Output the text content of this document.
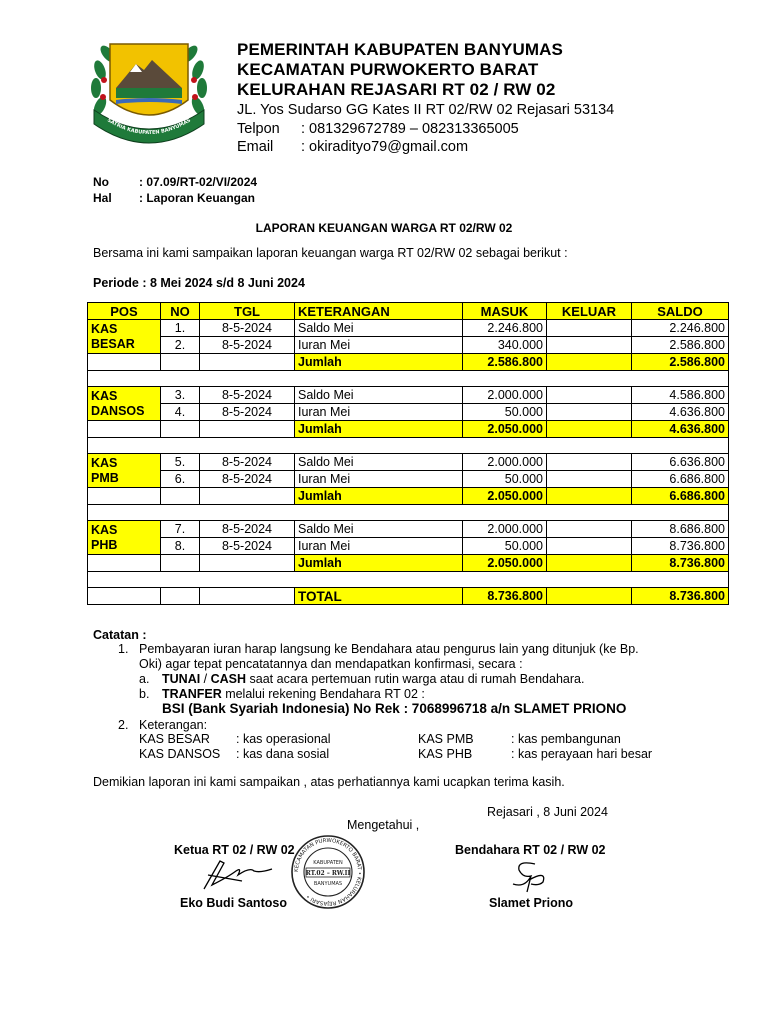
SATRIA KABUPATEN BANYUMAS
PEMERINTAH KABUPATEN BANYUMAS
KECAMATAN PURWOKERTO BARAT
KELURAHAN REJASARI RT 02 / RW 02
JL. Yos Sudarso GG Kates II RT 02/RW 02 Rejasari 53134
Telpon : 081329672789 – 082313365005
Email : okiradityo79@gmail.com
No	: 07.09/RT-02/VI/2024
Hal : Laporan Keuangan
LAPORAN KEUANGAN WARGA RT 02/RW 02
Bersama ini kami sampaikan laporan keuangan warga RT 02/RW 02 sebagai berikut :
Periode : 8 Mei 2024 s/d 8 Juni 2024
POS	NO	TGL	KETERANGAN	MASUK	KELUAR	SALDO

KAS
BESAR	1.	8-5-2024	Saldo Mei	2.246.800		2.246.800
	2.	8-5-2024	Iuran Mei	340.000		2.586.800
			Jumlah	2.586.800		2.586.800

KAS
DANSOS	3.	8-5-2024	Saldo Mei	2.000.000		4.586.800
	4.	8-5-2024	Iuran Mei	50.000		4.636.800
			Jumlah	2.050.000		4.636.800

KAS
PMB	5.	8-5-2024	Saldo Mei	2.000.000		6.636.800
	6.	8-5-2024	Iuran Mei	50.000		6.686.800
			Jumlah	2.050.000		6.686.800

KAS
PHB	7.	8-5-2024	Saldo Mei	2.000.000		8.686.800
	8.	8-5-2024	Iuran Mei	50.000		8.736.800
			Jumlah	2.050.000		8.736.800

			TOTAL	8.736.800		8.736.800
Catatan :
1. Pembayaran iuran harap langsung ke Bendahara atau pengurus lain yang ditunjuk (ke Bp.
Oki) agar tepat pencatatannya dan mendapatkan konfirmasi, secara :
a. TUNAI / CASH saat acara pertemuan rutin warga atau di rumah Bendahara.
b. TRANFER melalui rekening Bendahara RT 02 :
BSI (Bank Syariah Indonesia) No Rek : 7068996718 a/n SLAMET PRIONO
2. Keterangan:
KAS BESAR : kas operasional
KAS DANSOS : kas dana sosial
KAS PMB	: kas pembangunan
KAS PHB	: kas perayaan hari besar
Demikian laporan ini kami sampaikan , atas perhatiannya kami ucapkan terima kasih.
Rejasari , 8 Juni 2024
Mengetahui ,
Ketua RT 02 / RW 02	Bendahara RT 02 / RW 02
KECAMATAN PURWOKERTO BARAT • KELURAHAN REJASARI •
KABUPATEN
RT.02 – RW.II
BANYUMAS
Eko Budi Santoso	Slamet Priono
